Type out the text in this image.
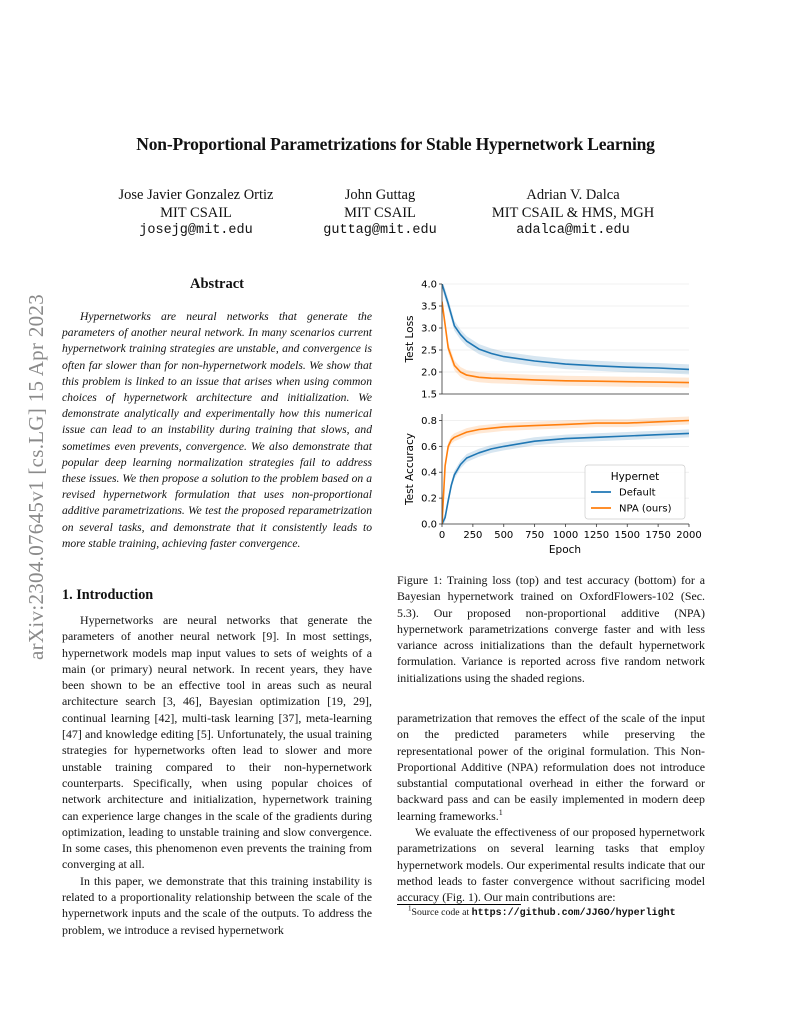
Non-Proportional Parametrizations for Stable Hypernetwork Learning
Jose Javier Gonzalez Ortiz
MIT CSAIL
josejg@mit.edu
John Guttag
MIT CSAIL
guttag@mit.edu
Adrian V. Dalca
MIT CSAIL & HMS, MGH
adalca@mit.edu
arXiv:2304.07645v1 [cs.LG] 15 Apr 2023
Abstract
Hypernetworks are neural networks that generate the parameters of another neural network. In many scenarios current hypernetwork training strategies are unstable, and convergence is often far slower than for non-hypernetwork models. We show that this problem is linked to an issue that arises when using common choices of hypernetwork architecture and initialization. We demonstrate analytically and experimentally how this numerical issue can lead to an instability during training that slows, and sometimes even prevents, convergence. We also demonstrate that popular deep learning normalization strategies fail to address these issues. We then propose a solution to the problem based on a revised hypernetwork formulation that uses non-proportional additive parametrizations. We test the proposed reparametrization on several tasks, and demonstrate that it consistently leads to more stable training, achieving faster convergence.
1. Introduction

Hypernetworks are neural networks that generate the parameters of another neural network [9]. In most settings, hypernetwork models map input values to sets of weights of a main (or primary) neural network. In recent years, they have been shown to be an effective tool in areas such as neural architecture search [3, 46], Bayesian optimization [19, 29], continual learning [42], multi-task learning [37], meta-learning [47] and knowledge editing [5]. Unfortunately, the usual training strategies for hypernetworks often lead to slower and more unstable training compared to their non-hypernetwork counterparts. Specifically, when using popular choices of network architecture and initialization, hypernetwork training can experience large changes in the scale of the gradients during optimization, leading to unstable training and slow convergence. In some cases, this phenomenon even prevents the training from converging at all.

In this paper, we demonstrate that this training instability is related to a proportionality relationship between the scale of the hypernetwork inputs and the scale of the outputs. To address the problem, we introduce a revised hypernetwork

1.5
2.0
2.5
3.0
3.5
4.0
Test Loss
0.0
0.2
0.4
0.6
0.8
0 250 500 750 1000 1250 1500 1750 2000
Test Accuracy
Epoch
Hypernet
Default
NPA (ours)
Figure 1: Training loss (top) and test accuracy (bottom) for a Bayesian hypernetwork trained on OxfordFlowers-102 (Sec. 5.3). Our proposed non-proportional additive (NPA) hypernetwork parametrizations converge faster and with less variance across initializations than the default hypernetwork formulation. Variance is reported across five random network initializations using the shaded regions.

parametrization that removes the effect of the scale of the input on the predicted parameters while preserving the representational power of the original formulation. This Non-Proportional Additive (NPA) reformulation does not introduce substantial computational overhead in either the forward or backward pass and can be easily implemented in modern deep learning frameworks.$^1$

We evaluate the effectiveness of our proposed hypernetwork parametrizations on several learning tasks that employ hypernetwork models. Our experimental results indicate that our method leads to faster convergence without sacrificing model accuracy (Fig. 1). Our main contributions are:

$^1$Source code at https://github.com/JJGO/hyperlight
